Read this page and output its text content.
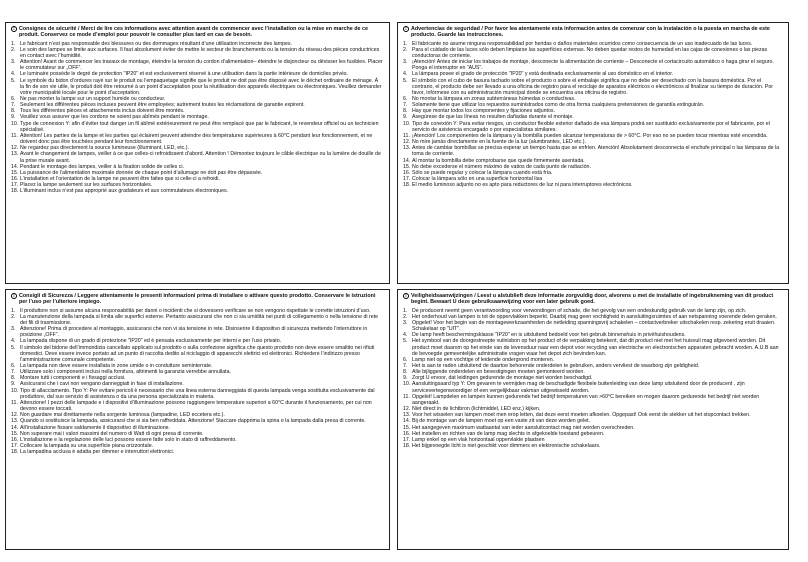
! Consignes de sécurité / Merci de lire ces informations avec attention avant de commencer avec l’installation ou la mise en marche de ce produit. Conservez ce mode d’emploi pour pouvoir le consulter plus tard en cas de besoin.
1. Le fabricant n’est pas responsable des blessures ou des dommages résultant d’une utilisation incorrecte des lampes.
2. Le soin des lampes se limite aux surfaces. Il faut absolument éviter de mettre le secteur de branchements ou la tension du réseau des pièces conductrices en contact avec l’humidité.
3. Attention! Avant de commencer les travaux de montage, éteindre la tension du cordon d’alimentation– éteindre le disjoncteur ou dévisser les fusibles. Placer le commutateur sur „OFF“.
4. Le luminaire possède le degré de protection "IP20" et est exclusivement réservé à une utilisation dans la partie intérieure de domiciles privés.
5. Le symbole du bidon d’ordures rayé sur le produit ou l’empaquetage signifie que le produit ne doit pas être disposé avec le déchet ordinaire de ménage. À la fin de son vie utile, le produit doit être retourné à un point d’acceptation pour la réutilisation des appareils électriques ou électroniques. Veuillez demander votre municipalité locale pour le point d’acceptation.
6. Ne pas monter la lampe sur un support humide ou conducteur.
7. Seulement les différentes pièces incluses peuvent être employées; autrement toutes les réclamations de garantie expirent.
8. Tous les différentes pièces et attachements inclus doivent être montés.
9. Veuillez vous assurer que les cordons ne soient pas abîmés pendant le montage.
10. Type de connexion Y: afin d’éviter tout danger un fil abîmé extérieurement ne peut être remplacé que par le fabricant, le revendeur officiel ou un technicien spécialisé.
11. Attention! Les parties de la lampe et les parties qui éclairent peuvent atteindre des températures supérieures à 60°C pendant leur fonctionnement, et ne doivent donc pas être touchées pendant leur fonctionnement.
12. Ne regardez pas directement la source lumineuse (illuminant, LED, etc.).
13. Avant le changement de lampes, veiller à ce que celles-ci refroidissent d’abord. Attention ! Démontez toujours le câble électrique ou la lumière de douille de la prise murale avant.
14. Pendant le montage des lampes, veiller à la fixation solide de celles ci.
15. La puissance de l’alimentation maximale donnée de chaque point d’allumage ne doit pas être dépassée.
16. L’installation et l’orientation de la lampe ne peuvent être faites que si celle-ci a refroidi.
17. Placez la lampe seulement sur les surfaces horizontales.
18. L’illuminant inclus n’est pas approprié aux gradateurs et aux commutateurs électroniques.
! Advertencias de seguridad / Por favor lea atentamente esta información antes de comenzar con la instalación o la puesta en marcha de este producto. Guarde las instrucciones.
1. El fabricante no asume ninguna responsabilidad por heridas o daños materiales ocurridos como consecuencia de un uso inadecuado de las luces.
2. Para el cuidado de las luces sólo deben limpiarse las superficies externas. No deben quedar restos de humedad en las cajas de conexiones o las piezas conductoras de corriente.
3. ¡Atención! Antes de iniciar los trabajos de montaje, desconecte la alimentación de corriente – Desconecte el cortacircuito automático o haga girar el seguro. Ponga el interruptor en “AUS”.
4. La lámpara posee el grado de protección "IP20" y está destinada exclusivamente al uso doméstico en el interior.
5. El símbolo con el cubo de basura tachado sobre el producto o sobre el embalaje significa que no debe ser desechado con la basura doméstica. Por el contrario, el producto debe ser llevado a una oficina de registro para el reciclaje de aparatos eléctricos o electrónicos al finalizar su tiempo de duración. Por favor, infórmese con su administración municipal donde se encuentra una oficina de registro.
6. No montar la lámpara en zonas subterráneas húmedas o conductivas.
7. Solamente tiene que utilizar los repuestos suministrados como de otra forma cualquiera pretensiones de garantía extinguirán.
8. Hay que montar todos los componentes y fijaciones adjuntos.
9. Asegúrese de que las líneas no resulten dañadas durante el montaje.
10. Tipo de conexión Y: Para evitar riesgos, un conductor flexible exterior dañado de esa lámpara podrá ser sustituido exclusivamente por el fabricante, por el servicio de asistencia encargado o por especialistas similares.
11. ¡Atención! Los componentes de la lámpara y la bombilla pueden alcanzar temperaturas de > 60°C. Por eso no se pueden tocar mientras esté encendida.
12. No mire jamás directamente en la fuente de la luz (alumbrantes, LED etc.).
13. Antes de cambiar bombillas se precisa esperar un tiempo hasta que se enfríen. Atención! Absolutament desconnecta el enchufe principal o las lámparas de la toma de corriente.
14. Al montar la bombilla debe comprobarse que quede firmemente asentada.
15. No debe excederse el número máximo de vatios de cada punto de radiación.
16. Sólo se puede regular y colocar la lámpara cuando está fría.
17. Colocar la lámpara sólo en una superficie horizontal lisa
18. El medio luminoso adjunto no es apto para reductores de luz ni para interruptores electrónicos.
! Consigli di Sicurezza / Leggere attentamente le presenti informazioni prima di installare o attivare questo prodotto. Conservare le istruzioni per l’uso per l’ulteriore impiego.
1. Il produttore non si assume alcuna responsabilità per danni o incidenti che si dovessero verificare se non vengono rispettate le corrette istruzioni d’uso.
2. La manutenzione della lampada si limita alle superfici esterne. Pertanto assicurarsi che non ci sia umidità nei punti di collegamento o nella tensione di rete dei fili di trasmissione.
3. Attenzione! Prima di procedere al montaggio, assicurarsi che non vi sia tensione in rete. Disinserire il dispositivo di sicurezza mettendo l’interruttore in posizione „OFF“.
4. La lampada dispone di un grado di protezione "IP20" ed è pensata esclusivamente per interni e per l’uso privato.
5. Il simbolo del bidone dell’immondizia cancellato applicato sul prodotto o sulla confezione significa che questo prodotto non deve essere smaltito nei rifiuti domestici. Deve essere invece portato ad un punto di raccolta dedito al riciclaggio di apparecchi elettrici ed elettronici. Richiedere l’indirizzo presso l’amministrazione comunale competente.
6. La lampada non deve essere installata in zone umide o in condutture seminterrate.
7. Utilizzare solo i componenti inclusi nella fornitura, altrimenti la garanzia verrebbe annullata.
8. Montare tutti i componenti e i fissaggi acclusi.
9. Assicurarsi che i cavi non vengano danneggiati in fase di installazione.
10. Tipo di allacciamento. Tipo Y: Per evitare pericoli è necessario che una linea esterna danneggiata di questa lampada venga sostituita esclusivamente dal produttore, dal suo servizio di assistenza o da una persona specializzata in materia.
11. Attenzione! I pezzi delle lampade e i dispositivi d’illuminazione possono raggiungere temperature superiori a 60°C durante il funzionamento, per cui non devono essere toccati.
12. Non guardare mai direttamente nella sorgente luminosa (lampadine, LED eccetera etc.).
13. Quando si sostituisce la lampada, assicurarsi che si sia ben raffreddata. Attenzione! Staccare dapprima la spina o la lampada dalla presa di corrente.
14. All’installazione fissare saldamente il dispositivo di illuminazione.
15. Non superare mai i valori massimi del numero di Watt di ogni presa di corrente.
16. L’installazione e la regolazione delle luci possono essere fatte solo in stato di raffreddamento.
17. Collocare la lampada su una superficie piana orizzontale.
18. La lampadina acclusa è adatta per dimmer e interruttori elettronici.
! Veiligheidsaanwijzingen / Leest u alstublieft deze informatie zorgvuldig door, alvorens u met de installatie of ingebruikneming van dit product begint. Bewaart U deze gebruiksaanwijzing voor een later gebruik goed.
1. De producent neemt geen verantwoording voor verwondingen of schade, die het gevolg van een ondeskundig gebruik van de lamp zijn, op zich.
2. Het onderhoud van lampen is tot de oppervlakken beperkt. Daarbij mag geen vochtigheid in aansluitingsruimtes of aan netspanning voerende delen geraken.
3. Opgelet! Voor het begin van de montagewerkzaamheden de netleiding spanningsvrij schakelen – contactverbreker uitschakelen resp. zekering eruit draaien. Schakelaar op "UIT".
4. De lamp heeft beschermingsklasse "IP20" en is uitsluitend bedoeld voor het gebruik binnenshuis in privéhuishoudens.
5. Het symbool van de doorgestreepte vuilnisbon op het product of de verpakking betekent, dat dit product niet met het huisvuil mag afgevoerd worden. Dit product moet daarom op het einde van de levensduur naar een depot voor recycling van electrische en electronischen apparaten gebracht worden. A.U.B aan de bevoegde gemeentelijke administratie vragen waar het depot zich bevinden kan.
6. Lamp niet op een vochtige of leidende ondergrond monteren.
7. Het is aan te raden uitsluitend de daartoe behorende onderdelen te gebruiken, anders vervliest de waarborg zijn geldigheid.
8. Alle bijliggende onderdelen en bevestigingen moeten gemonteerd worden.
9. Zorgt U ervoor, dat leidingen gedurende de montage niet worden beschadigd.
10. Aansluitingsaard typ Y: Om gevaren te vermijden mag de beschadigde flexibele buitenleiding van deze lamp uitsluitend door de producent , zijn servicevertegenwoordiger of een vergelijkbaar vakman uitgewisseld worden.
11. Opgelet! Lampdelen en lampen kunnen gedurende het bedrijf temperaturen van >60°C bereiken en mogen daarom gedurende het bedrijf niet worden aangeraakt.
12. Niet direct in de lichtbron (lichtmiddel, LED enz.) kijken.
13. Voor het wisselen van lampen moet men erop letten, dat deze eerst moeten afkoelen. Opgepast! Ook eerst de stekker uit het stopcontact trekken.
14. Bij de montage van de lampen moet op een vaste zit van deze worden gelet.
15. Het aangegeven maximum wattaantal van ieder aansluitcontact mag niet worden overschreden.
16. Het instellen en richten van de lamp mag slechts in afgekoelde toestand gebeuren.
17. Lamp enkel op een vlak horizontaal oppervlakte plaatsen
18. Het bijgevoegde licht is niet geschikt voor dimmers en elektronische schakelaars.
